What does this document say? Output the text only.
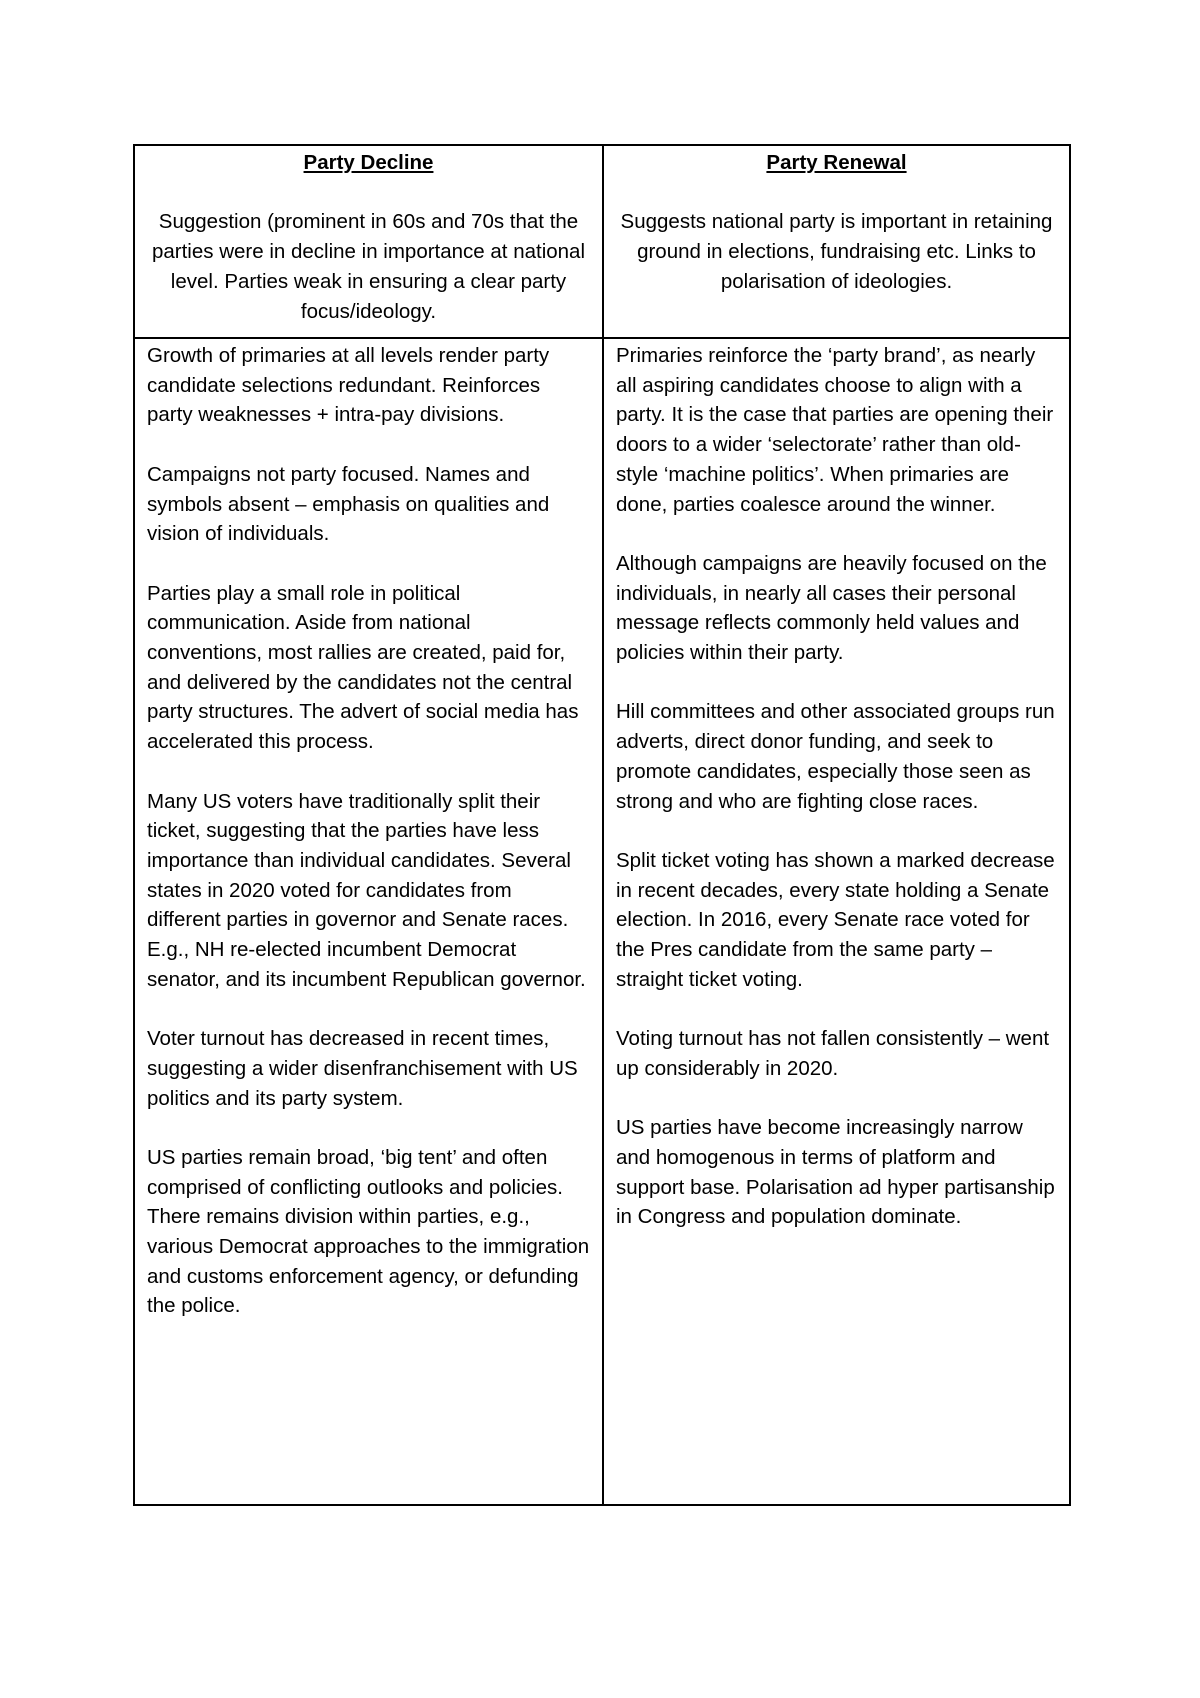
Party Decline
Suggestion (prominent in 60s and 70s that the parties were in decline in importance at national level. Parties weak in ensuring a clear party focus/ideology.
Party Renewal
Suggests national party is important in retaining ground in elections, fundraising etc. Links to polarisation of ideologies.

Growth of primaries at all levels render party candidate selections redundant. Reinforces party weaknesses + intra-pay divisions.

Campaigns not party focused. Names and symbols absent – emphasis on qualities and vision of individuals.

Parties play a small role in political communication. Aside from national conventions, most rallies are created, paid for, and delivered by the candidates not the central party structures. The advert of social media has accelerated this process.

Many US voters have traditionally split their ticket, suggesting that the parties have less importance than individual candidates. Several states in 2020 voted for candidates from different parties in governor and Senate races. E.g., NH re-elected incumbent Democrat senator, and its incumbent Republican governor.

Voter turnout has decreased in recent times, suggesting a wider disenfranchisement with US politics and its party system.

US parties remain broad, ‘big tent’ and often comprised of conflicting outlooks and policies. There remains division within parties, e.g., various Democrat approaches to the immigration and customs enforcement agency, or defunding the police.

Primaries reinforce the ‘party brand’, as nearly all aspiring candidates choose to align with a party. It is the case that parties are opening their doors to a wider ‘selectorate’ rather than old-style ‘machine politics’. When primaries are done, parties coalesce around the winner.

Although campaigns are heavily focused on the individuals, in nearly all cases their personal message reflects commonly held values and policies within their party.

Hill committees and other associated groups run adverts, direct donor funding, and seek to promote candidates, especially those seen as strong and who are fighting close races.

Split ticket voting has shown a marked decrease in recent decades, every state holding a Senate election. In 2016, every Senate race voted for the Pres candidate from the same party – straight ticket voting.

Voting turnout has not fallen consistently – went up considerably in 2020.

US parties have become increasingly narrow and homogenous in terms of platform and support base. Polarisation ad hyper partisanship in Congress and population dominate.
